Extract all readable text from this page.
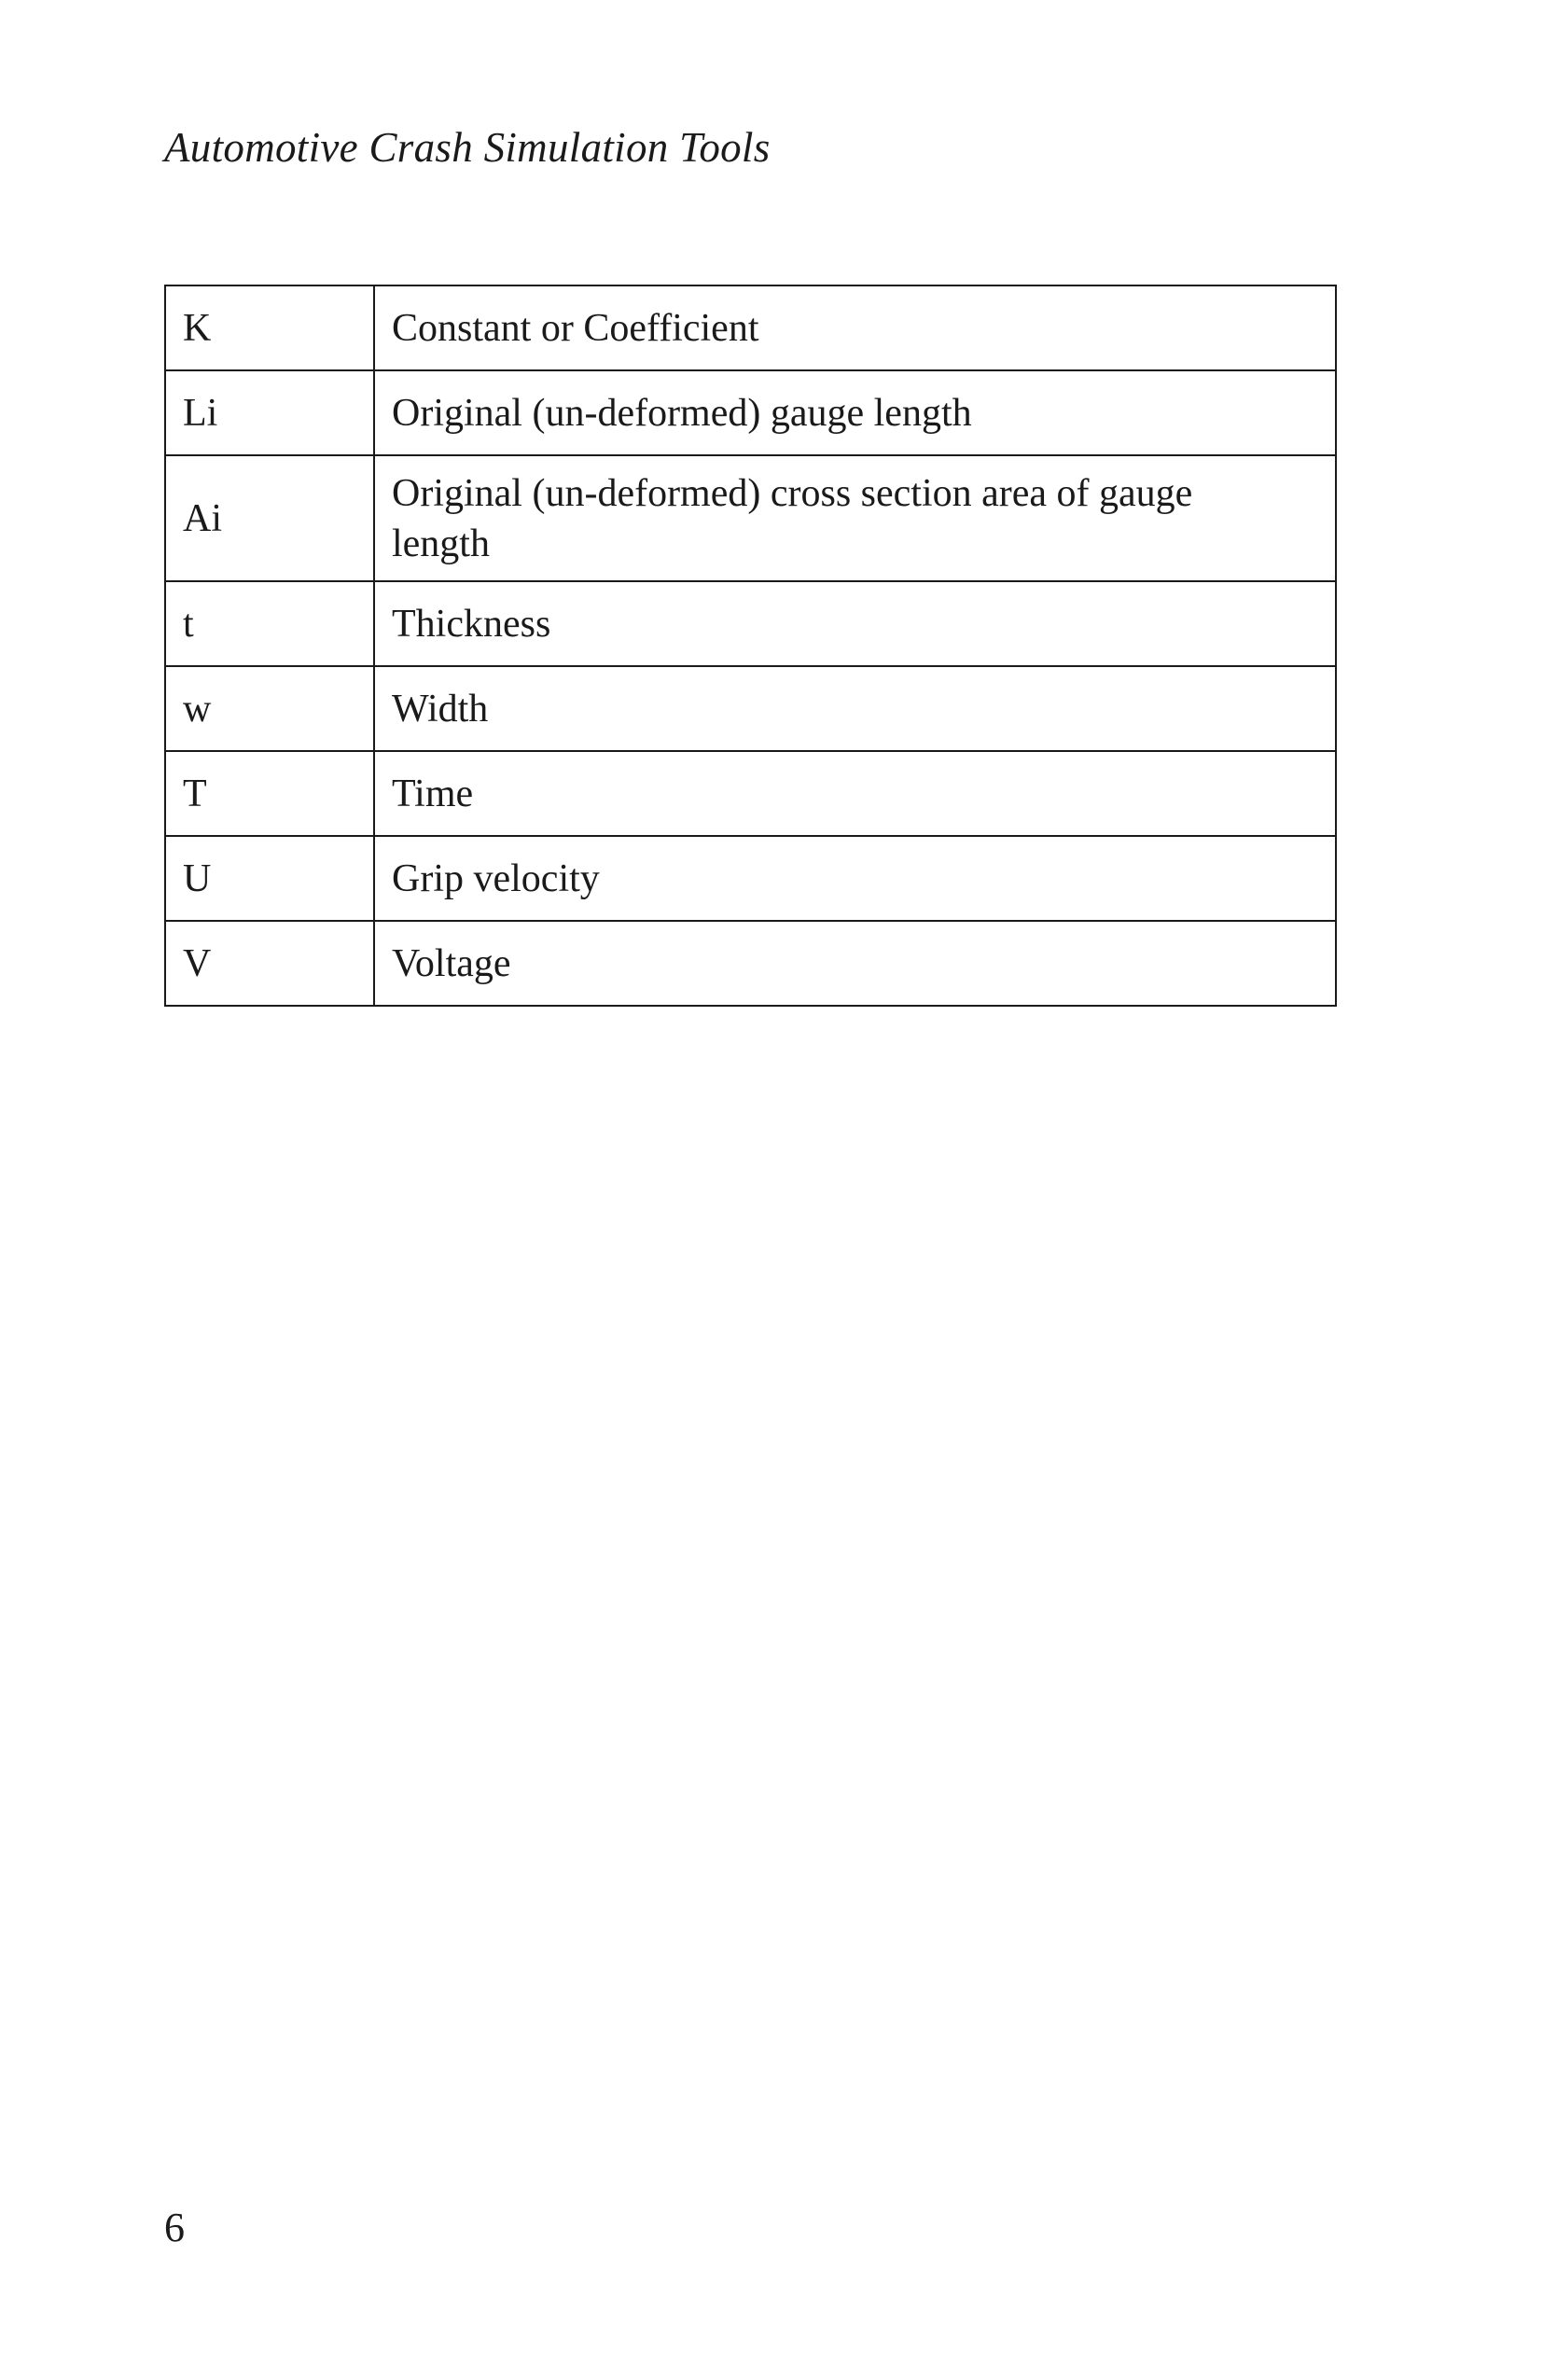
Automotive Crash Simulation Tools
K	Constant or Coefficient
Li	Original (un-deformed) gauge length
Ai	Original (un-deformed) cross section area of gauge length
t	Thickness
w	Width
T	Time
U	Grip velocity
V	Voltage
6
